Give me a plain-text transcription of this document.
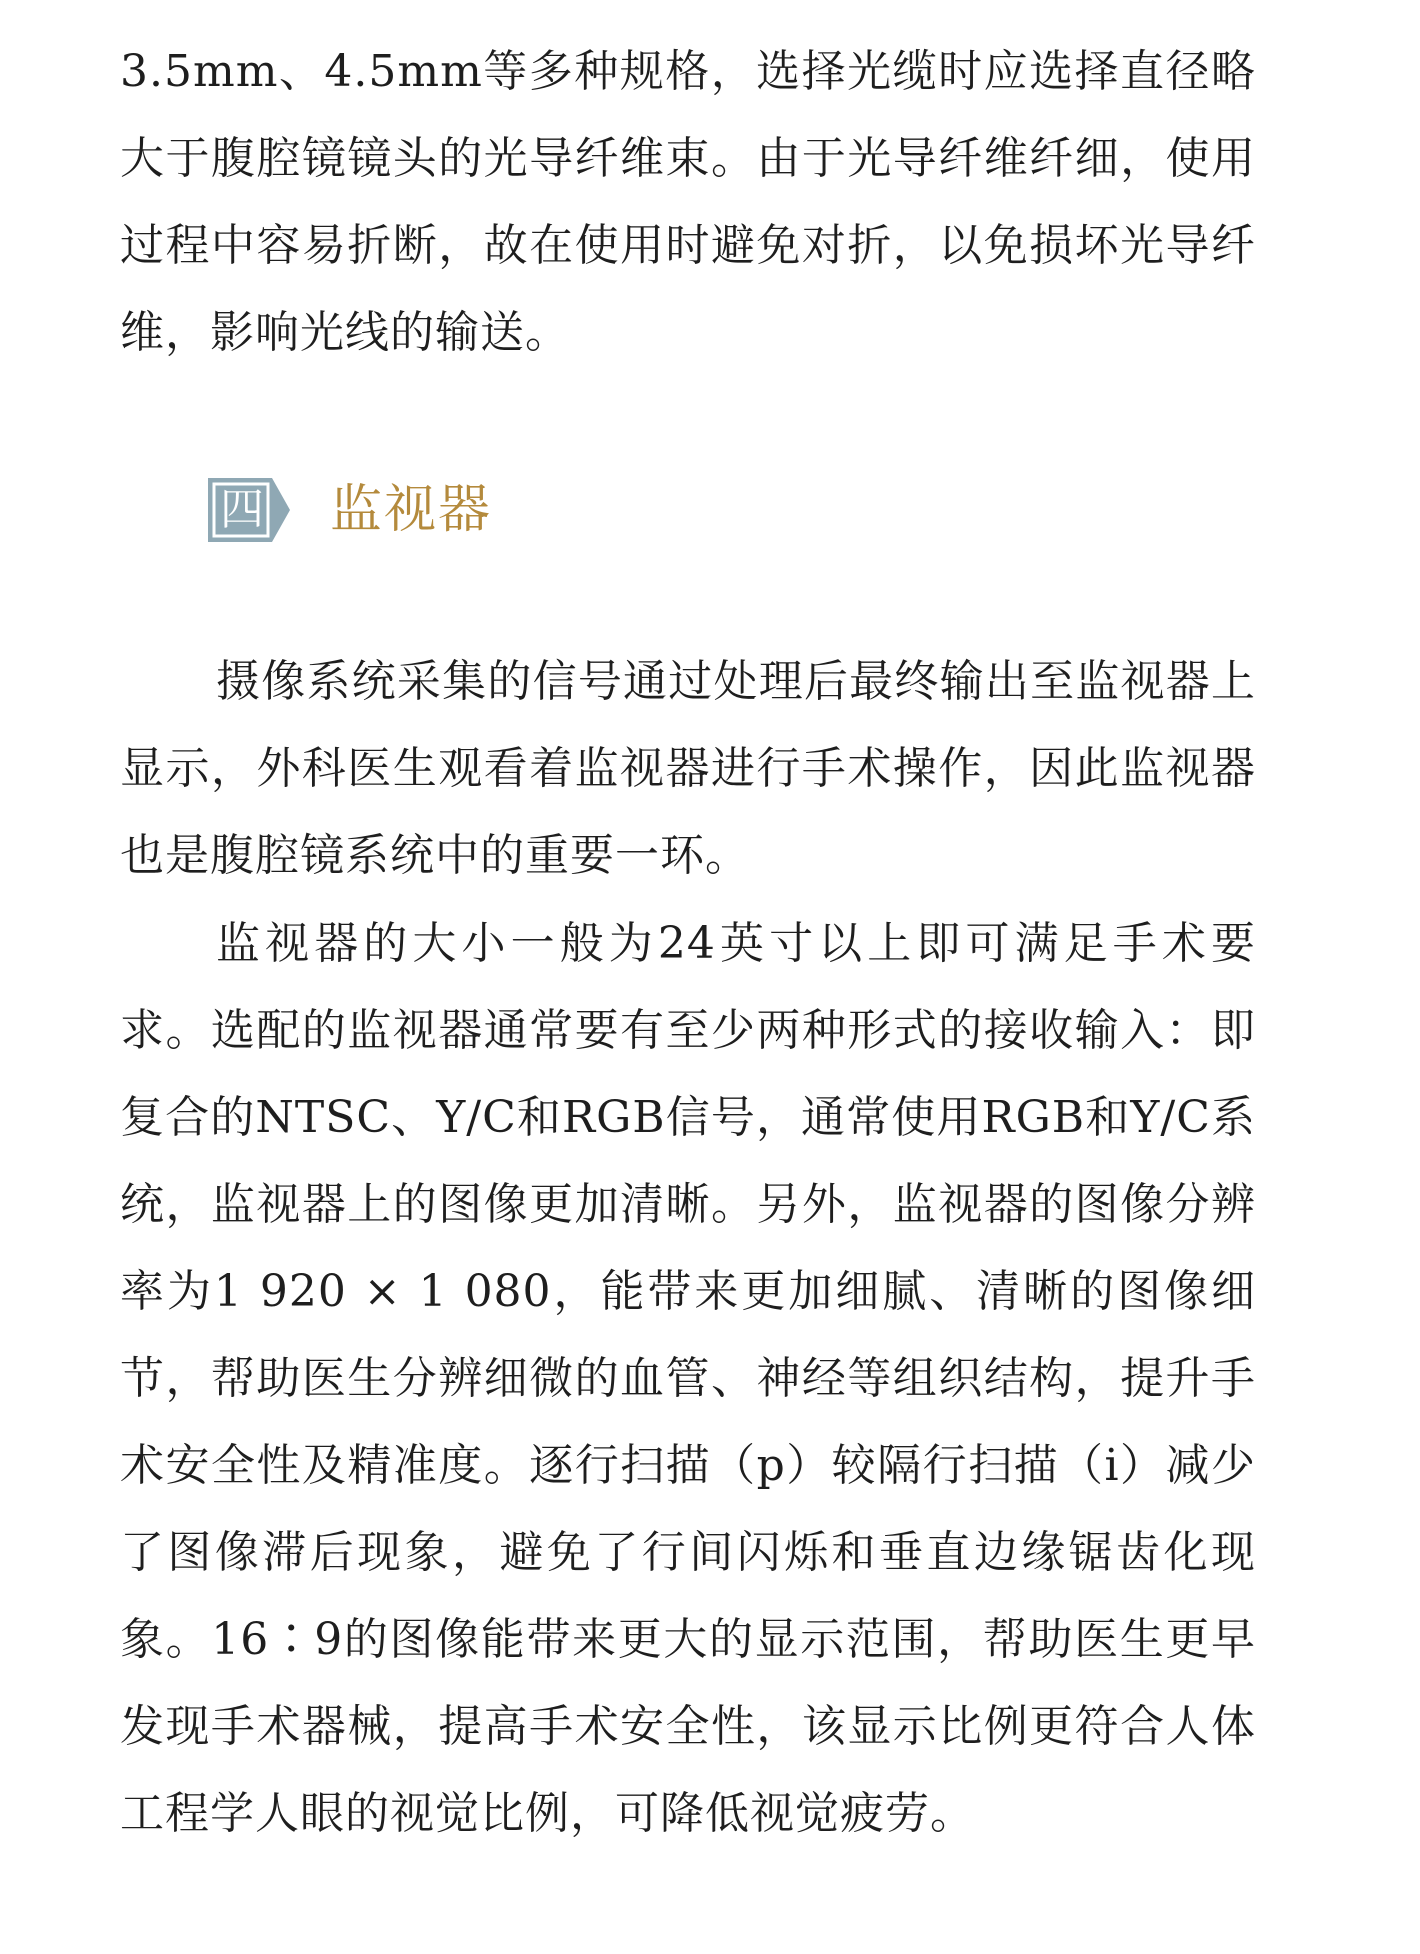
3.5mm、4.5mm等多种规格，选择光缆时应选择直径略大于腹腔镜镜头的光导纤维束。由于光导纤维纤细，使用过程中容易折断，故在使用时避免对折，以免损坏光导纤维，影响光线的输送。

四 监视器

摄像系统采集的信号通过处理后最终输出至监视器上显示，外科医生观看着监视器进行手术操作，因此监视器也是腹腔镜系统中的重要一环。

监视器的大小一般为24英寸以上即可满足手术要求。选配的监视器通常要有至少两种形式的接收输入：即复合的NTSC、Y/C和RGB信号，通常使用RGB和Y/C系统，监视器上的图像更加清晰。另外，监视器的图像分辨率为1 920 × 1 080，能带来更加细腻、清晰的图像细节，帮助医生分辨细微的血管、神经等组织结构，提升手术安全性及精准度。逐行扫描（p）较隔行扫描（i）减少了图像滞后现象，避免了行间闪烁和垂直边缘锯齿化现象。16∶9的图像能带来更大的显示范围，帮助医生更早发现手术器械，提高手术安全性，该显示比例更符合人体工程学人眼的视觉比例，可降低视觉疲劳。
